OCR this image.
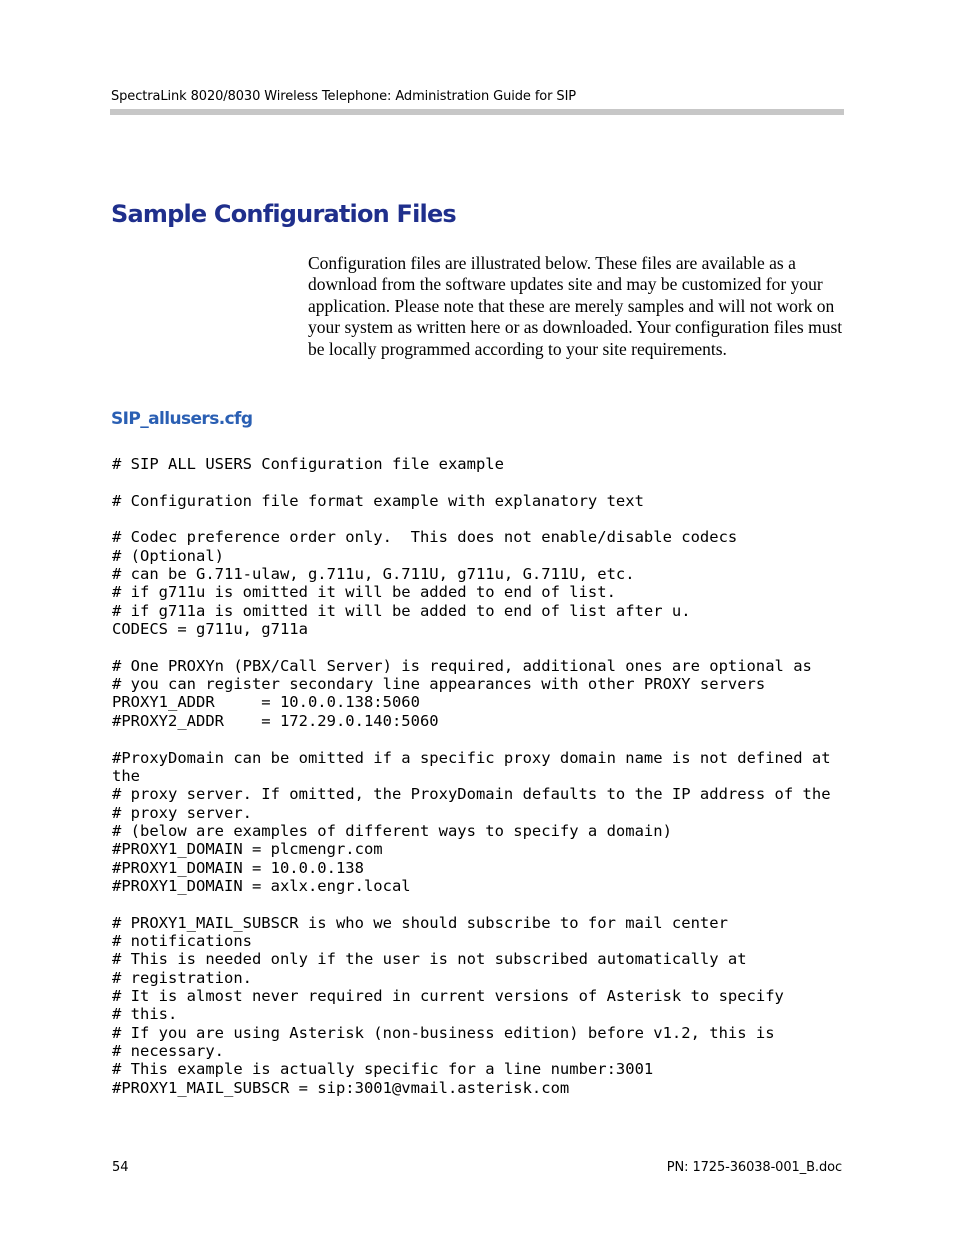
SpectraLink 8020/8030 Wireless Telephone: Administration Guide for SIP
Sample Configuration Files

Configuration files are illustrated below. These files are available as a download from the software updates site and may be customized for your application. Please note that these are merely samples and will not work on your system as written here or as downloaded. Your configuration files must be locally programmed according to your site requirements.

SIP_allusers.cfg
# SIP ALL USERS Configuration file example
# Configuration file format example with explanatory text
# Codec preference order only.  This does not enable/disable codecs
# (Optional)
# can be G.711-ulaw, g.711u, G.711U, g711u, G.711U, etc.
# if g711u is omitted it will be added to end of list.
# if g711a is omitted it will be added to end of list after u.
CODECS = g711u, g711a
# One PROXYn (PBX/Call Server) is required, additional ones are optional as
# you can register secondary line appearances with other PROXY servers
PROXY1_ADDR     = 10.0.0.138:5060
#PROXY2_ADDR    = 172.29.0.140:5060
#ProxyDomain can be omitted if a specific proxy domain name is not defined at
the
# proxy server. If omitted, the ProxyDomain defaults to the IP address of the
# proxy server.
# (below are examples of different ways to specify a domain)
#PROXY1_DOMAIN = plcmengr.com
#PROXY1_DOMAIN = 10.0.0.138
#PROXY1_DOMAIN = axlx.engr.local
# PROXY1_MAIL_SUBSCR is who we should subscribe to for mail center
# notifications
# This is needed only if the user is not subscribed automatically at
# registration.
# It is almost never required in current versions of Asterisk to specify
# this.
# If you are using Asterisk (non-business edition) before v1.2, this is
# necessary.
# This example is actually specific for a line number:3001
#PROXY1_MAIL_SUBSCR = sip:3001@vmail.asterisk.com
54	PN: 1725-36038-001_B.doc
